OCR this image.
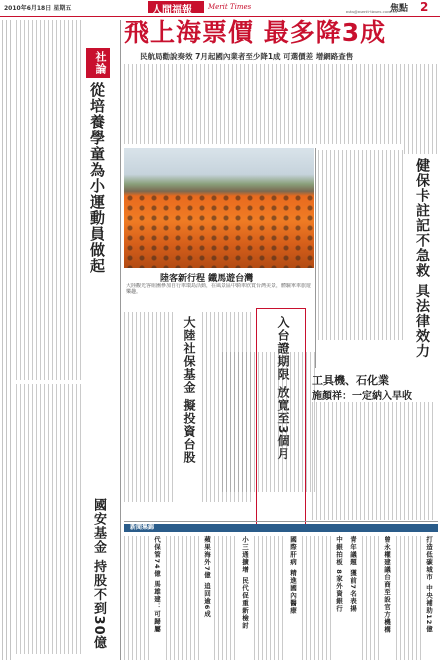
2010年6月18日 星期五	人間福報 Merit Times	焦點 2
mtn@merit-times.com.tw
飛上海票價 最多降3成
民航局勸說奏效 7月起國內業者至少降1成 可選價差 增網路查售
社論
從培養學童為小運動員做起
陸客新行程 鐵馬遊台灣
大陸觀光客組團參加自行車環島活動，在風景區中騎車欣賞台灣美景，體驗單車旅遊樂趣。	健保卡註記不急救 具法律效力
大陸社保基金 擬投資台股	入台證期限 放寬至3個月 工具機、石化業
施顏祥：一定納入早收
國安基金 持股不到30億	新聞集錦
代保管74億 馬雄建：可歸屬	蘋果海外7億 追回逾6成	小三通擴增 民代促重新檢討	國際肝病 精進國內醫療	中銀拍板 8家外資銀行 青年議題 獲前7名表揚	曾永權建議台商至設官方機構	打造低碳城市 中央補助12億
